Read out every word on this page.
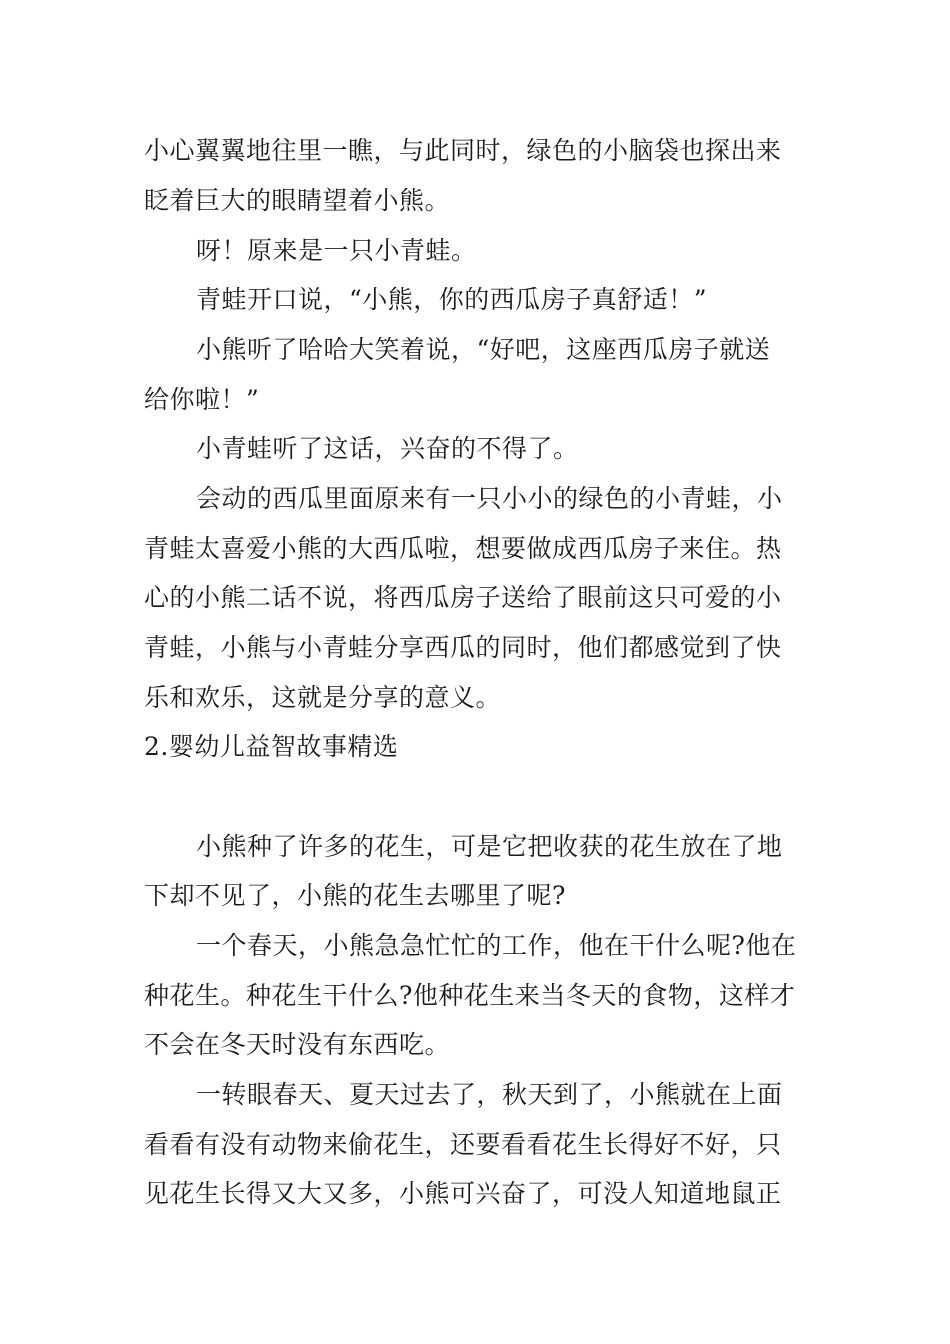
小心翼翼地往里一瞧，与此同时，绿色的小脑袋也探出来
眨着巨大的眼睛望着小熊。
呀！原来是一只小青蛙。
青蛙开口说，“小熊，你的西瓜房子真舒适！”
小熊听了哈哈大笑着说，“好吧，这座西瓜房子就送
给你啦！”
小青蛙听了这话，兴奋的不得了。
会动的西瓜里面原来有一只小小的绿色的小青蛙，小
青蛙太喜爱小熊的大西瓜啦，想要做成西瓜房子来住。热
心的小熊二话不说，将西瓜房子送给了眼前这只可爱的小
青蛙，小熊与小青蛙分享西瓜的同时，他们都感觉到了快
乐和欢乐，这就是分享的意义。
2.婴幼儿益智故事精选
小熊种了许多的花生，可是它把收获的花生放在了地
下却不见了，小熊的花生去哪里了呢?
一个春天，小熊急急忙忙的工作，他在干什么呢?他在
种花生。种花生干什么?他种花生来当冬天的食物，这样才
不会在冬天时没有东西吃。
一转眼春天、夏天过去了，秋天到了，小熊就在上面
看看有没有动物来偷花生，还要看看花生长得好不好，只
见花生长得又大又多，小熊可兴奋了，可没人知道地鼠正
